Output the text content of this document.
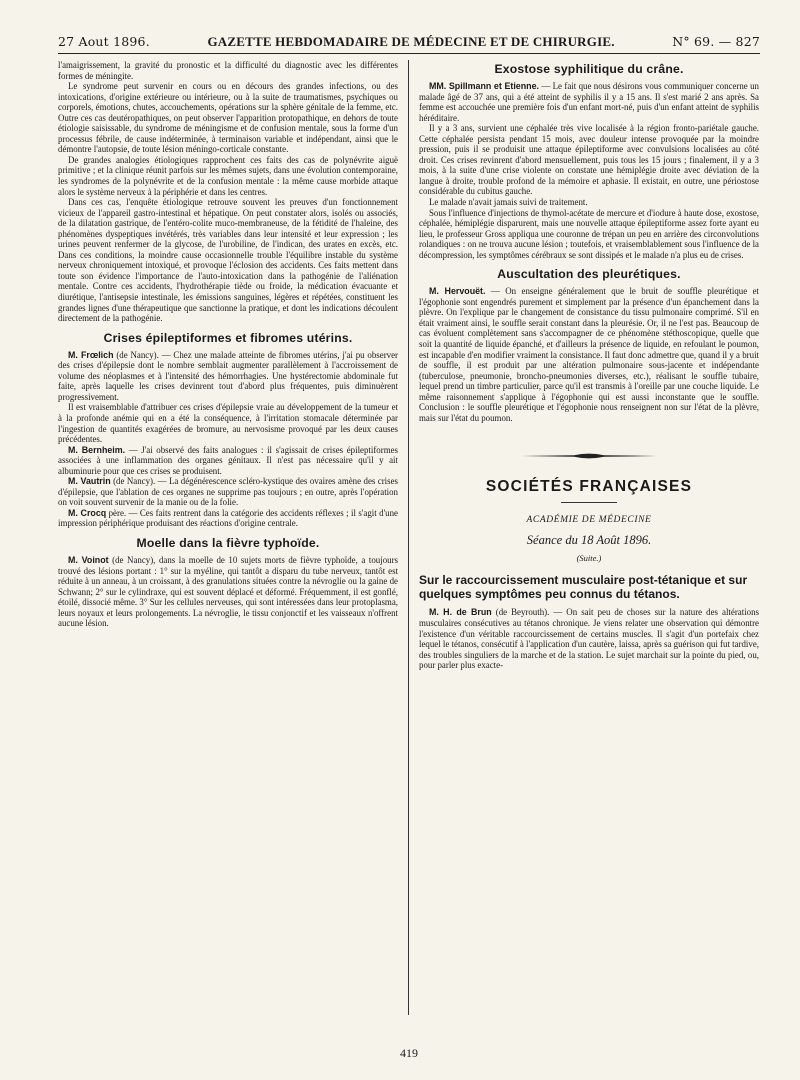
27 Aout 1896.	GAZETTE HEBDOMADAIRE DE MÉDECINE ET DE CHIRURGIE.	N° 69. — 827

l'amaigrissement, la gravité du pronostic et la difficulté du diagnostic avec les différentes formes de méningite.

Le syndrome peut survenir en cours ou en décours des grandes infections, ou des intoxications, d'origine extérieure ou intérieure, ou à la suite de traumatismes, psychiques ou corporels, émotions, chutes, accouchements, opérations sur la sphère génitale de la femme, etc. Outre ces cas deutéropathiques, on peut observer l'apparition protopathique, en dehors de toute étiologie saisissable, du syndrome de méningisme et de confusion mentale, sous la forme d'un processus fébrile, de cause indéterminée, à terminaison variable et indépendant, ainsi que le démontre l'autopsie, de toute lésion méningo-corticale constante.

De grandes analogies étiologiques rapprochent ces faits des cas de polynévrite aiguë primitive ; et la clinique réunit parfois sur les mêmes sujets, dans une évolution contemporaine, les syndromes de la polynévrite et de la confusion mentale : la même cause morbide attaque alors le système nerveux à la périphérie et dans les centres.

Dans ces cas, l'enquête étiologique retrouve souvent les preuves d'un fonctionnement vicieux de l'appareil gastro-intestinal et hépatique. On peut constater alors, isolés ou associés, de la dilatation gastrique, de l'entéro-colite muco-membraneuse, de la fétidité de l'haleine, des phénomènes dyspeptiques invétérés, très variables dans leur intensité et leur expression ; les urines peuvent renfermer de la glycose, de l'urobiline, de l'indican, des urates en excès, etc. Dans ces conditions, la moindre cause occasionnelle trouble l'équilibre instable du système nerveux chroniquement intoxiqué, et provoque l'éclosion des accidents. Ces faits mettent dans toute son évidence l'importance de l'auto-intoxication dans la pathogénie de l'aliénation mentale. Contre ces accidents, l'hydrothérapie tiède ou froide, la médication évacuante et diurétique, l'antisepsie intestinale, les émissions sanguines, légères et répétées, constituent les grandes lignes d'une thérapeutique que sanctionne la pratique, et dont les indications découlent directement de la pathogénie.

Crises épileptiformes et fibromes utérins.

M. Frœlich (de Nancy). — Chez une malade atteinte de fibromes utérins, j'ai pu observer des crises d'épilepsie dont le nombre semblait augmenter parallèlement à l'accroissement de volume des néoplasmes et à l'intensité des hémorrhagies. Une hystérectomie abdominale fut faite, après laquelle les crises devinrent tout d'abord plus fréquentes, puis diminuèrent progressivement.

Il est vraisemblable d'attribuer ces crises d'épilepsie vraie au développement de la tumeur et à la profonde anémie qui en a été la conséquence, à l'irritation stomacale déterminée par l'ingestion de quantités exagérées de bromure, au nervosisme provoqué par les deux causes précédentes.

M. Bernheim. — J'ai observé des faits analogues : il s'agissait de crises épileptiformes associées à une inflammation des organes génitaux. Il n'est pas nécessaire qu'il y ait albuminurie pour que ces crises se produisent.

M. Vautrin (de Nancy). — La dégénérescence scléro-kystique des ovaires amène des crises d'épilepsie, que l'ablation de ces organes ne supprime pas toujours ; en outre, après l'opération on voit souvent survenir de la manie ou de la folie.

M. Crocq père. — Ces faits rentrent dans la catégorie des accidents réflexes ; il s'agit d'une impression périphérique produisant des réactions d'origine centrale.

Moelle dans la fièvre typhoïde.

M. Voinot (de Nancy), dans la moelle de 10 sujets morts de fièvre typhoïde, a toujours trouvé des lésions portant : 1° sur la myéline, qui tantôt a disparu du tube nerveux, tantôt est réduite à un anneau, à un croissant, à des granulations situées contre la névroglie ou la gaine de Schwann; 2° sur le cylindraxe, qui est souvent déplacé et déformé. Fréquemment, il est gonflé, étoilé, dissocié même. 3° Sur les cellules nerveuses, qui sont intéressées dans leur protoplasma, leurs noyaux et leurs prolongements. La névroglie, le tissu conjonctif et les vaisseaux n'offrent aucune lésion.

Exostose syphilitique du crâne.

MM. Spillmann et Etienne. — Le fait que nous désirons vous communiquer concerne un malade âgé de 37 ans, qui a été atteint de syphilis il y a 15 ans. Il s'est marié 2 ans après. Sa femme est accouchée une première fois d'un enfant mort-né, puis d'un enfant atteint de syphilis héréditaire.

Il y a 3 ans, survient une céphalée très vive localisée à la région fronto-pariétale gauche. Cette céphalée persista pendant 15 mois, avec douleur intense provoquée par la moindre pression, puis il se produisit une attaque épileptiforme avec convulsions localisées au côté droit. Ces crises revinrent d'abord mensuellement, puis tous les 15 jours ; finalement, il y a 3 mois, à la suite d'une crise violente on constate une hémiplégie droite avec déviation de la langue à droite, trouble profond de la mémoire et aphasie. Il existait, en outre, une périostose considérable du cubitus gauche.

Le malade n'avait jamais suivi de traitement.

Sous l'influence d'injections de thymol-acétate de mercure et d'iodure à haute dose, exostose, céphalée, hémiplégie disparurent, mais une nouvelle attaque épileptiforme assez forte ayant eu lieu, le professeur Gross appliqua une couronne de trépan un peu en arrière des circonvolutions rolandiques : on ne trouva aucune lésion ; toutefois, et vraisemblablement sous l'influence de la décompression, les symptômes cérébraux se sont dissipés et le malade n'a plus eu de crises.

Auscultation des pleurétiques.

M. Hervouët. — On enseigne généralement que le bruit de souffle pleurétique et l'égophonie sont engendrés purement et simplement par la présence d'un épanchement dans la plèvre. On l'explique par le changement de consistance du tissu pulmonaire comprimé. S'il en était vraiment ainsi, le souffle serait constant dans la pleurésie. Or, il ne l'est pas. Beaucoup de cas évoluent complètement sans s'accompagner de ce phénomène stéthoscopique, quelle que soit la quantité de liquide épanché, et d'ailleurs la présence de liquide, en refoulant le poumon, est incapable d'en modifier vraiment la consistance. Il faut donc admettre que, quand il y a bruit de souffle, il est produit par une altération pulmonaire sous-jacente et indépendante (tuberculose, pneumonie, broncho-pneumonies diverses, etc.), réalisant le souffle tubaire, lequel prend un timbre particulier, parce qu'il est transmis à l'oreille par une couche liquide. Le même raisonnement s'applique à l'égophonie qui est aussi inconstante que le souffle. Conclusion : le souffle pleurétique et l'égophonie nous renseignent non sur l'état de la plèvre, mais sur l'état du poumon.

SOCIÉTÉS FRANÇAISES
ACADÉMIE DE MÉDECINE
Séance du 18 Août 1896.
(Suite.)
Sur le raccourcissement musculaire post-tétanique et sur quelques symptômes peu connus du tétanos.

M. H. de Brun (de Beyrouth). — On sait peu de choses sur la nature des altérations musculaires consécutives au tétanos chronique. Je viens relater une observation qui démontre l'existence d'un véritable raccourcissement de certains muscles. Il s'agit d'un portefaix chez lequel le tétanos, consécutif à l'application d'un cautère, laissa, après sa guérison qui fut tardive, des troubles singuliers de la marche et de la station. Le sujet marchait sur la pointe du pied, ou, pour parler plus exacte-

419
